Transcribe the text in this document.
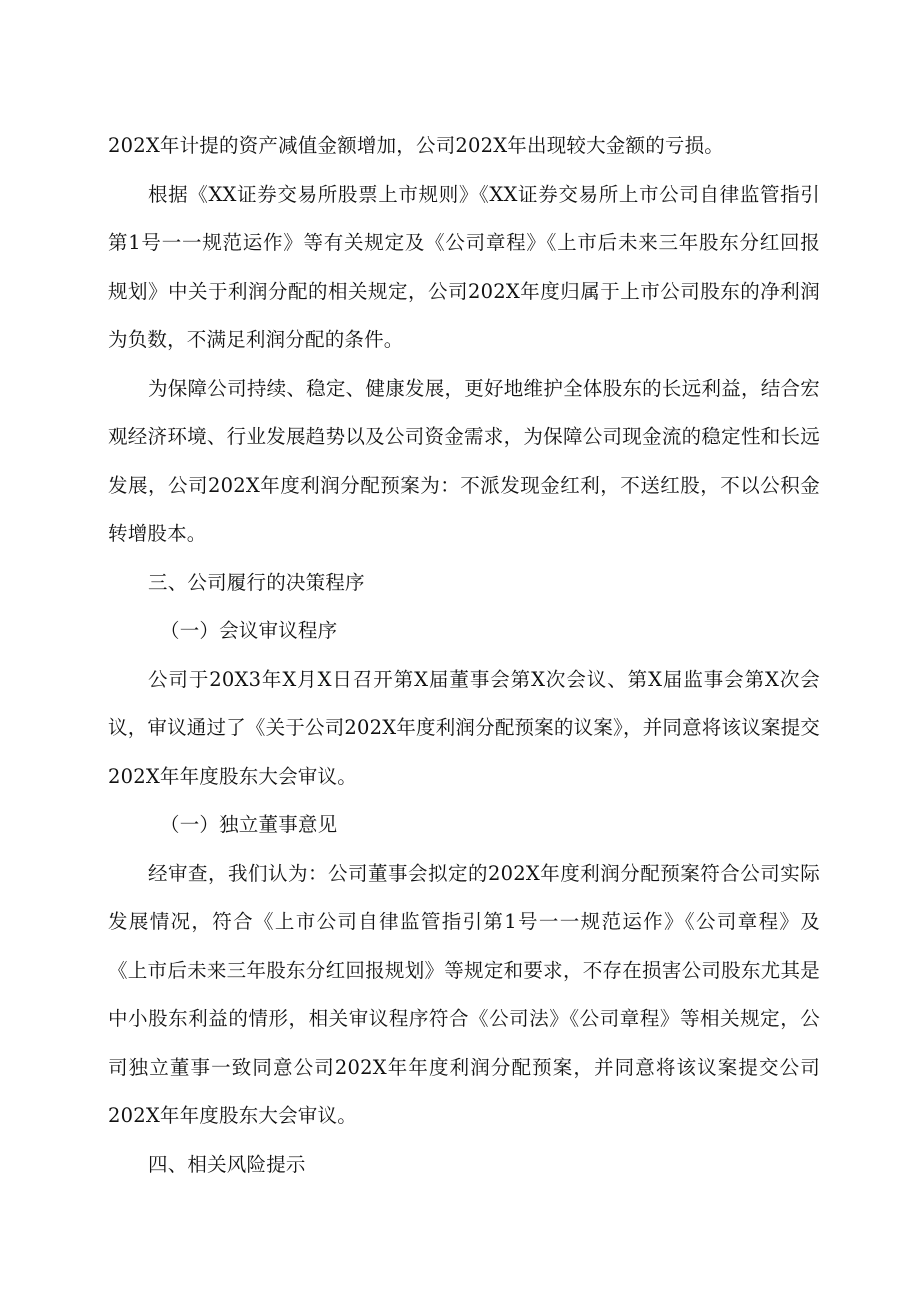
202X年计提的资产减值金额增加，公司202X年出现较大金额的亏损。

根据《XX证券交易所股票上市规则》《XX证券交易所上市公司自律监管指引第1号一一规范运作》等有关规定及《公司章程》《上市后未来三年股东分红回报规划》中关于利润分配的相关规定，公司202X年度归属于上市公司股东的净利润为负数，不满足利润分配的条件。

为保障公司持续、稳定、健康发展，更好地维护全体股东的长远利益，结合宏观经济环境、行业发展趋势以及公司资金需求，为保障公司现金流的稳定性和长远发展，公司202X年度利润分配预案为：不派发现金红利，不送红股，不以公积金转增股本。

三、公司履行的决策程序

（一）会议审议程序

公司于20X3年X月X日召开第X届董事会第X次会议、第X届监事会第X次会议，审议通过了《关于公司202X年度利润分配预案的议案》，并同意将该议案提交202X年年度股东大会审议。

（一）独立董事意见

经审查，我们认为：公司董事会拟定的202X年度利润分配预案符合公司实际发展情况，符合《上市公司自律监管指引第1号一一规范运作》《公司章程》及《上市后未来三年股东分红回报规划》等规定和要求，不存在损害公司股东尤其是中小股东利益的情形，相关审议程序符合《公司法》《公司章程》等相关规定，公司独立董事一致同意公司202X年年度利润分配预案，并同意将该议案提交公司202X年年度股东大会审议。

四、相关风险提示
